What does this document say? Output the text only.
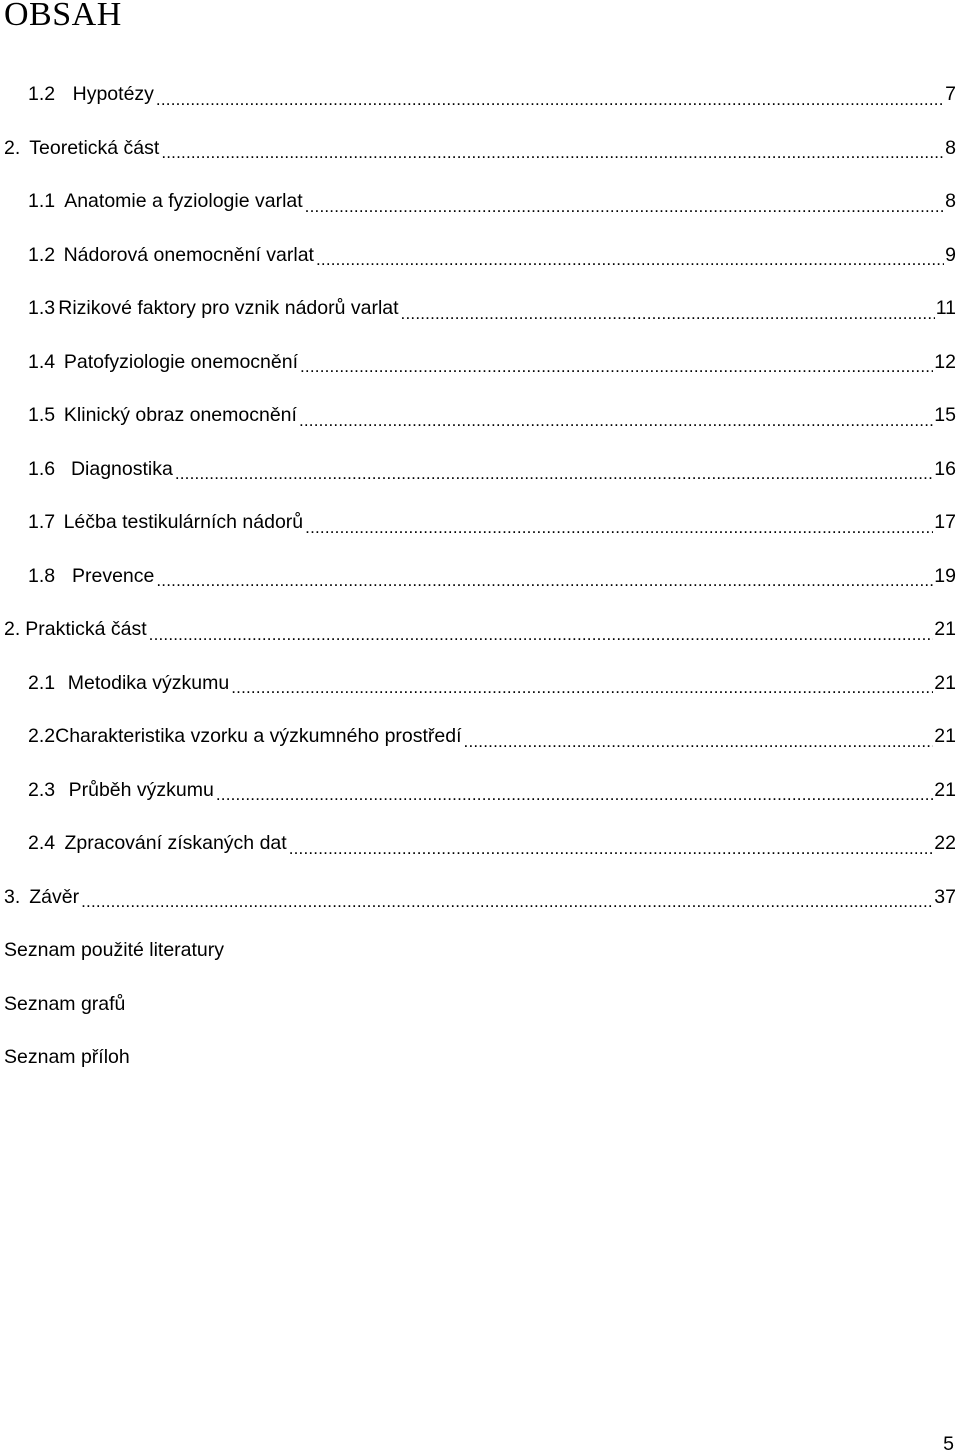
OBSAH
1.2 Hypotézy .....	7
2. Teoretická část .....	8
1.1 Anatomie a fyziologie varlat .....	8
1.2 Nádorová onemocnění varlat .....	9
1.3 Rizikové faktory pro vznik nádorů varlat .....	11
1.4 Patofyziologie onemocnění .....	12
1.5 Klinický obraz onemocnění .....	15
1.6 Diagnostika .....	16
1.7 Léčba testikulárních nádorů .....	17
1.8 Prevence .....	19
2. Praktická část .....	21
2.1 Metodika výzkumu .....	21
2.2 Charakteristika vzorku a výzkumného prostředí .....	21
2.3 Průběh výzkumu .....	21
2.4 Zpracování získaných dat .....	22
3. Závěr .....	37
Seznam použité literatury
Seznam grafů
Seznam příloh
5
